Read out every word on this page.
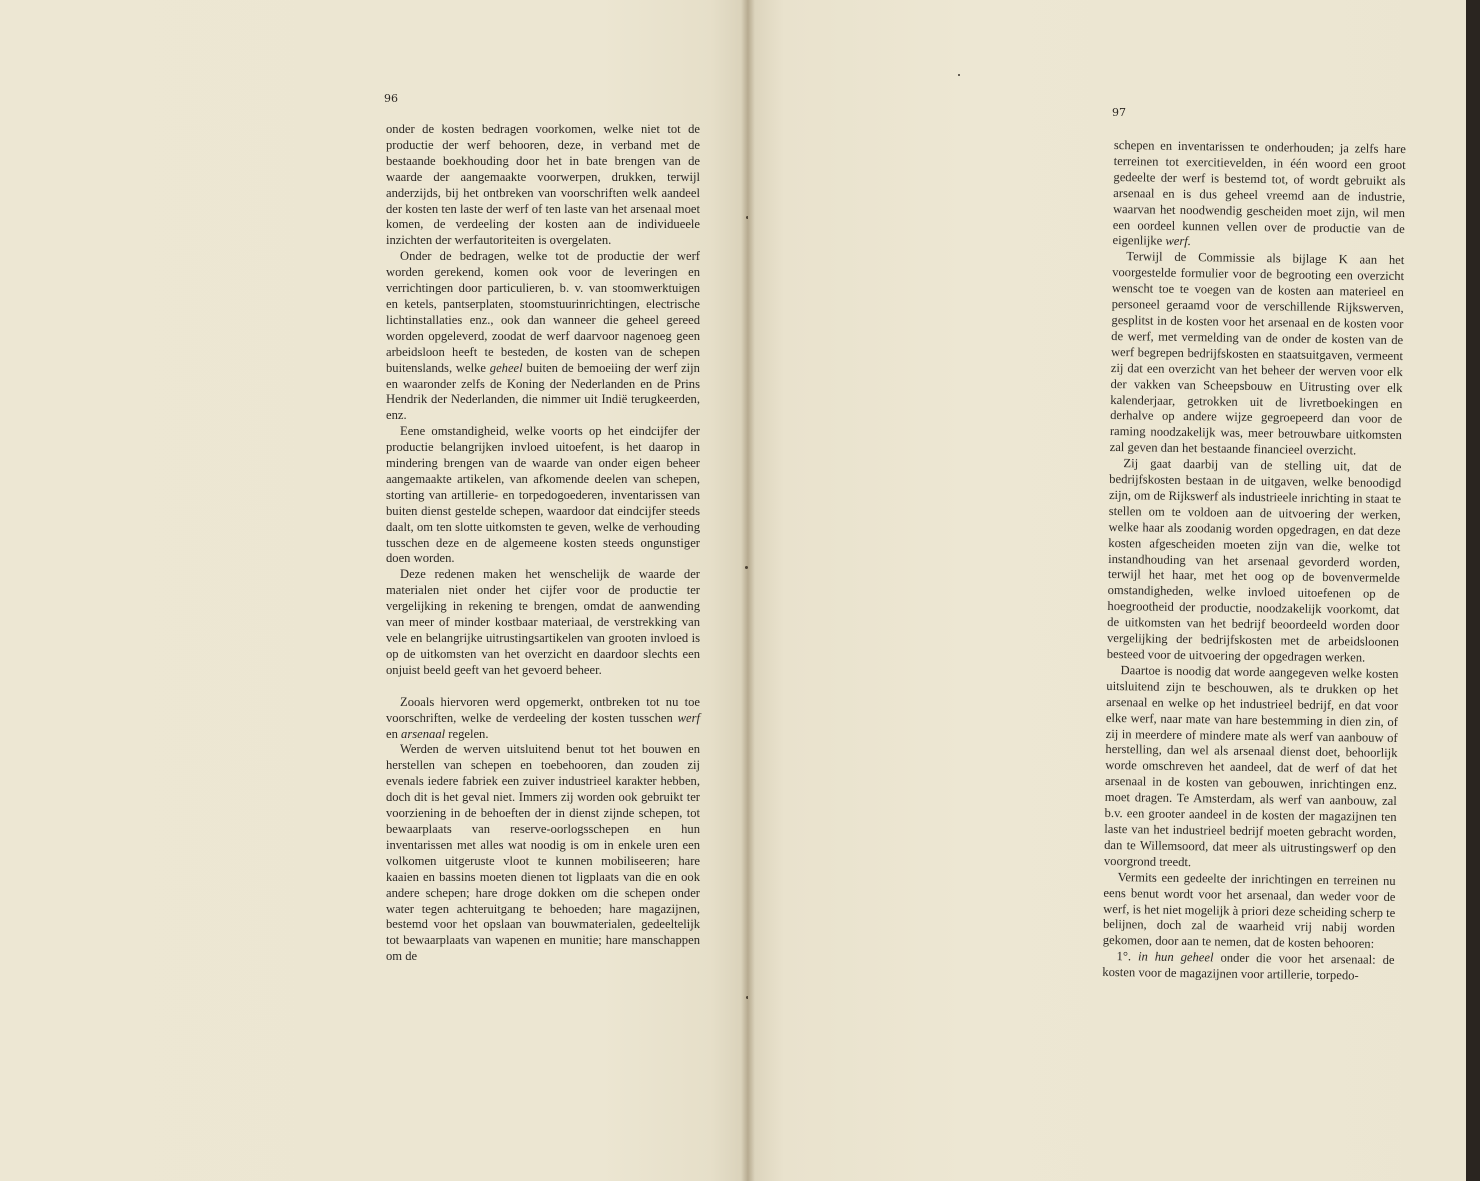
96

onder de kosten bedragen voorkomen, welke niet tot de productie der werf behooren, deze, in verband met de bestaande boekhouding door het in bate brengen van de waarde der aangemaakte voorwerpen, drukken, terwijl anderzijds, bij het ontbreken van voorschriften welk aandeel der kosten ten laste der werf of ten laste van het arsenaal moet komen, de verdeeling der kosten aan de individueele inzichten der werfautoriteiten is overgelaten.

Onder de bedragen, welke tot de productie der werf worden gerekend, komen ook voor de leveringen en verrichtingen door particulieren, b. v. van stoomwerktuigen en ketels, pantserplaten, stoomstuurinrichtingen, electrische lichtinstallaties enz., ook dan wanneer die geheel gereed worden opgeleverd, zoodat de werf daarvoor nagenoeg geen arbeidsloon heeft te besteden, de kosten van de schepen buitenslands, welke geheel buiten de bemoeiing der werf zijn en waaronder zelfs de Koning der Nederlanden en de Prins Hendrik der Nederlanden, die nimmer uit Indië terugkeerden, enz.

Eene omstandigheid, welke voorts op het eindcijfer der productie belangrijken invloed uitoefent, is het daarop in mindering brengen van de waarde van onder eigen beheer aangemaakte artikelen, van afkomende deelen van schepen, storting van artillerie- en torpedogoederen, inventarissen van buiten dienst gestelde schepen, waardoor dat eindcijfer steeds daalt, om ten slotte uitkomsten te geven, welke de verhouding tusschen deze en de algemeene kosten steeds ongunstiger doen worden.

Deze redenen maken het wenschelijk de waarde der materialen niet onder het cijfer voor de productie ter vergelijking in rekening te brengen, omdat de aanwending van meer of minder kostbaar materiaal, de verstrekking van vele en belangrijke uitrustingsartikelen van grooten invloed is op de uitkomsten van het overzicht en daardoor slechts een onjuist beeld geeft van het gevoerd beheer.

Zooals hiervoren werd opgemerkt, ontbreken tot nu toe voorschriften, welke de verdeeling der kosten tusschen werf en arsenaal regelen.

Werden de werven uitsluitend benut tot het bouwen en herstellen van schepen en toebehooren, dan zouden zij evenals iedere fabriek een zuiver industrieel karakter hebben, doch dit is het geval niet. Immers zij worden ook gebruikt ter voorziening in de behoeften der in dienst zijnde schepen, tot bewaarplaats van reserve-oorlogsschepen en hun inventarissen met alles wat noodig is om in enkele uren een volkomen uitgeruste vloot te kunnen mobiliseeren; hare kaaien en bassins moeten dienen tot ligplaats van die en ook andere schepen; hare droge dokken om die schepen onder water tegen achteruitgang te behoeden; hare magazijnen, bestemd voor het opslaan van bouwmaterialen, gedeeltelijk tot bewaarplaats van wapenen en munitie; hare manschappen om de

97

schepen en inventarissen te onderhouden; ja zelfs hare terreinen tot exercitievelden, in één woord een groot gedeelte der werf is bestemd tot, of wordt gebruikt als arsenaal en is dus geheel vreemd aan de industrie, waarvan het noodwendig gescheiden moet zijn, wil men een oordeel kunnen vellen over de productie van de eigenlijke werf.

Terwijl de Commissie als bijlage K aan het voorgestelde formulier voor de begrooting een overzicht wenscht toe te voegen van de kosten aan materieel en personeel geraamd voor de verschillende Rijkswerven, gesplitst in de kosten voor het arsenaal en de kosten voor de werf, met vermelding van de onder de kosten van de werf begrepen bedrijfskosten en staatsuitgaven, vermeent zij dat een overzicht van het beheer der werven voor elk der vakken van Scheepsbouw en Uitrusting over elk kalenderjaar, getrokken uit de livretboekingen en derhalve op andere wijze gegroepeerd dan voor de raming noodzakelijk was, meer betrouwbare uitkomsten zal geven dan het bestaande financieel overzicht.

Zij gaat daarbij van de stelling uit, dat de bedrijfskosten bestaan in de uitgaven, welke benoodigd zijn, om de Rijkswerf als industrieele inrichting in staat te stellen om te voldoen aan de uitvoering der werken, welke haar als zoodanig worden opgedragen, en dat deze kosten afgescheiden moeten zijn van die, welke tot instandhouding van het arsenaal gevorderd worden, terwijl het haar, met het oog op de bovenvermelde omstandigheden, welke invloed uitoefenen op de hoegrootheid der productie, noodzakelijk voorkomt, dat de uitkomsten van het bedrijf beoordeeld worden door vergelijking der bedrijfskosten met de arbeidsloonen besteed voor de uitvoering der opgedragen werken.

Daartoe is noodig dat worde aangegeven welke kosten uitsluitend zijn te beschouwen, als te drukken op het arsenaal en welke op het industrieel bedrijf, en dat voor elke werf, naar mate van hare bestemming in dien zin, of zij in meerdere of mindere mate als werf van aanbouw of herstelling, dan wel als arsenaal dienst doet, behoorlijk worde omschreven het aandeel, dat de werf of dat het arsenaal in de kosten van gebouwen, inrichtingen enz. moet dragen. Te Amsterdam, als werf van aanbouw, zal b.v. een grooter aandeel in de kosten der magazijnen ten laste van het industrieel bedrijf moeten gebracht worden, dan te Willemsoord, dat meer als uitrustingswerf op den voorgrond treedt.

Vermits een gedeelte der inrichtingen en terreinen nu eens benut wordt voor het arsenaal, dan weder voor de werf, is het niet mogelijk à priori deze scheiding scherp te belijnen, doch zal de waarheid vrij nabij worden gekomen, door aan te nemen, dat de kosten behooren:

1°. in hun geheel onder die voor het arsenaal: de kosten voor de magazijnen voor artillerie, torpedo-
